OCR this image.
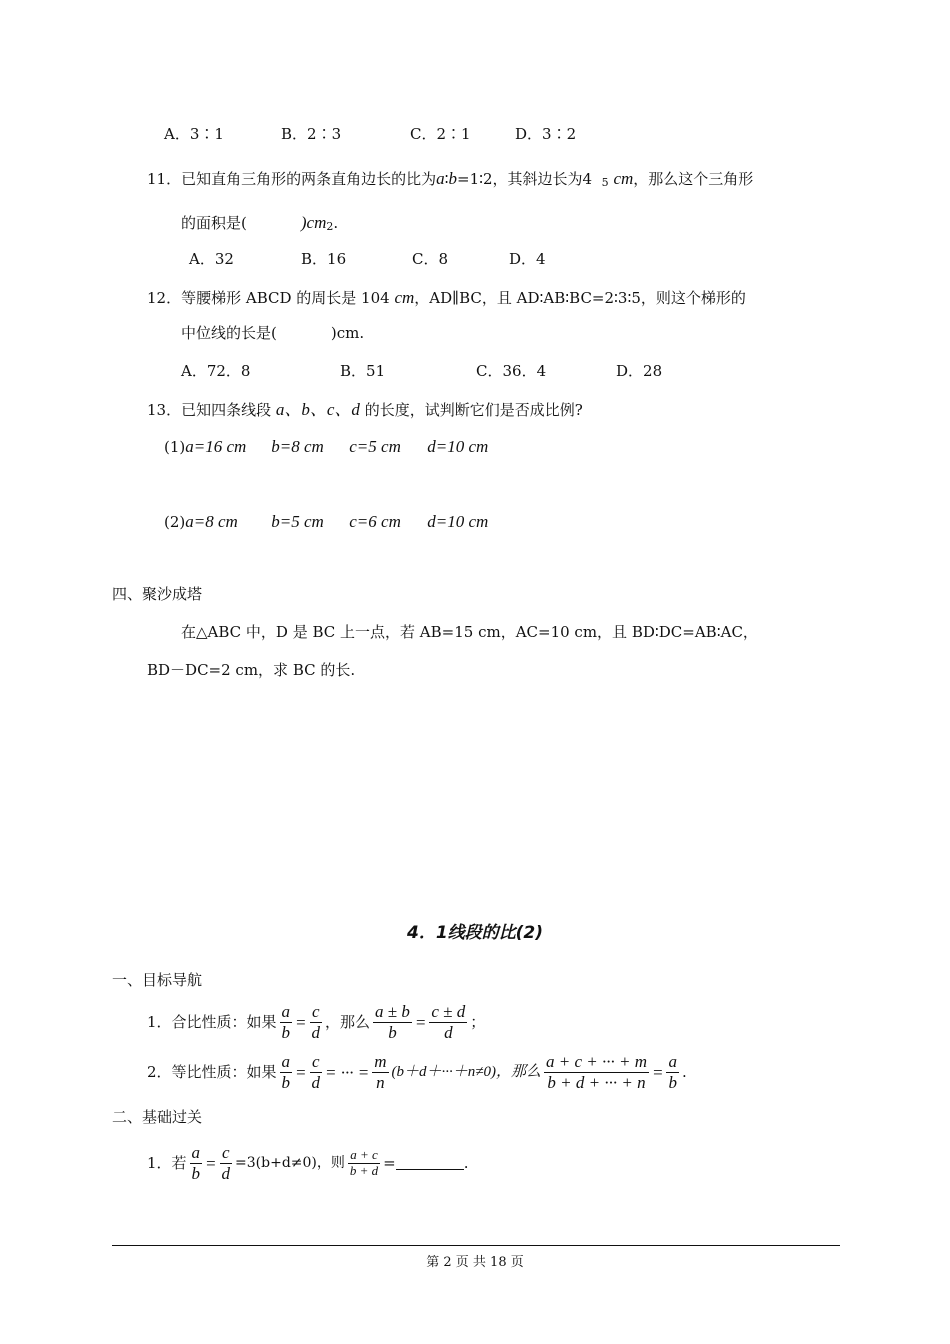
A．3∶1	B．2∶3	C．2∶1	D．3∶2
11．已知直角三角形的两条直角边长的比为a∶b=1∶2，其斜边长为4 5 cm，那么这个三角形
的面积是(	)cm2.
A．32	B．16	C．8	D．4
12．等腰梯形 ABCD 的周长是 104 cm，AD∥BC，且 AD∶AB∶BC=2∶3∶5，则这个梯形的
中位线的长是(	)cm.
A．72．8	B．51	C．36．4	D．28
13．已知四条线段 a、b、c、d 的长度，试判断它们是否成比例?
(1)a=16 cm b=8 cm c=5 cm d=10 cm
(2)a=8 cm b=5 cm c=6 cm d=10 cm
四、聚沙成塔
在△ABC 中，D 是 BC 上一点，若 AB=15 cm，AC=10 cm，且 BD∶DC=AB∶AC，
BD－DC=2 cm，求 BC 的长.
4．1线段的比(2)
一、目标导航
1．合比性质：如果 $\frac{a}{b} = \frac{c}{d}$ ，那么 $\frac{a \pm b}{b} = \frac{c \pm d}{d}$ ；
2．等比性质：如果 $\frac{a}{b} = \frac{c}{d}$ = ··· = $\frac{m}{n} (b+d+\cdot\cdot\cdot+n\ne 0)$，那么 $\frac{a + c + \cdot\cdot\cdot + m}{b + d + \cdot\cdot\cdot + n} = \frac{a}{b}$ .
二、基础过关
1．若 $\frac{a}{b} = \frac{c}{d} =3(b+d\ne 0)$，则 $\frac{a + c}{b + d}$ =	.
第 2 页 共 18 页
